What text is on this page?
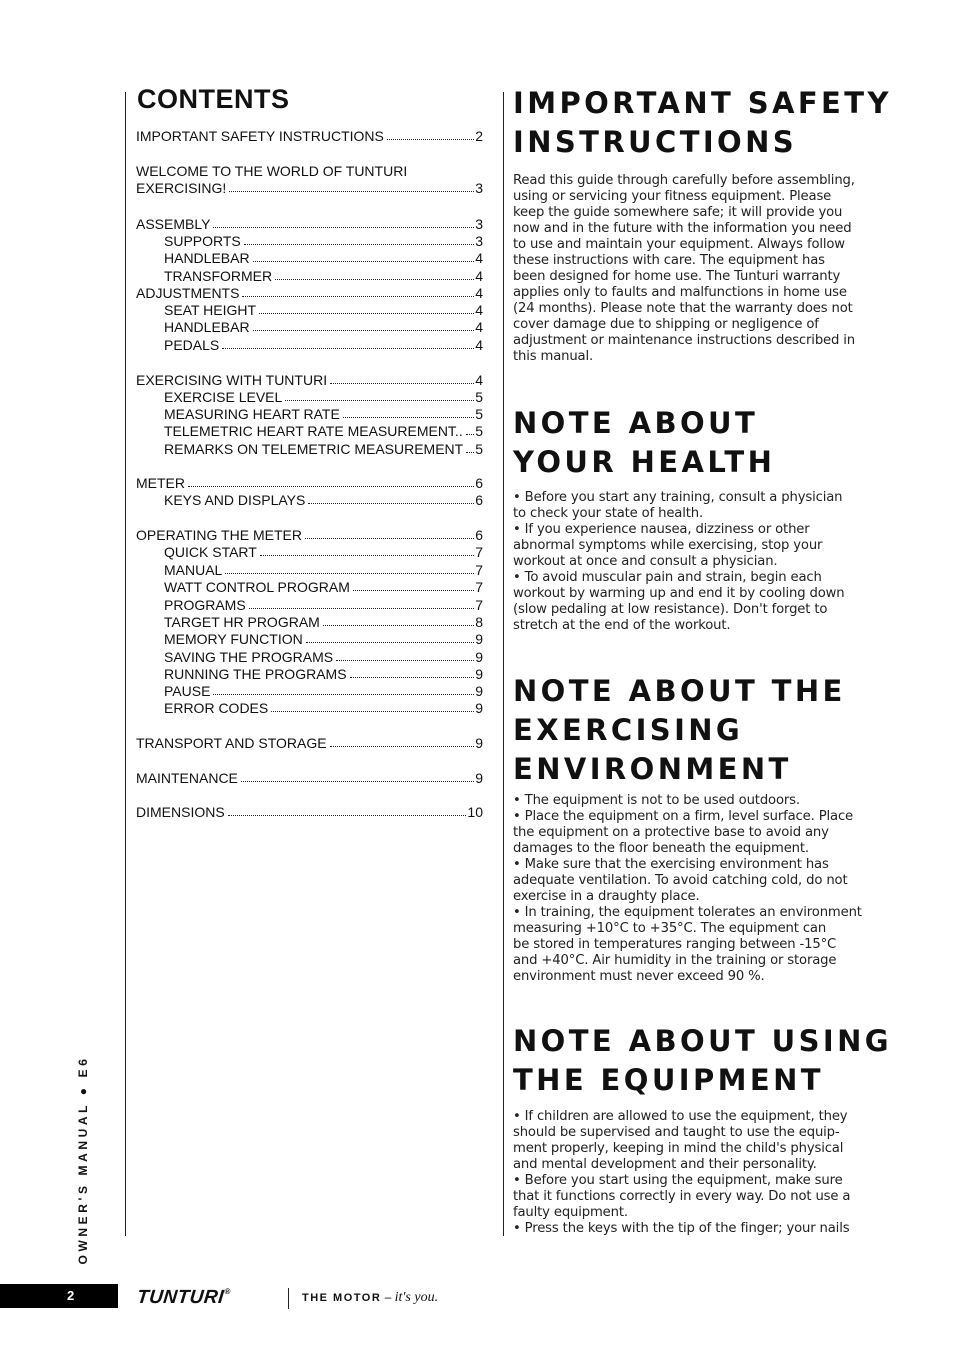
CONTENTS
IMPORTANT SAFETY INSTRUCTIONS	2
WELCOME TO THE WORLD OF TUNTURI
EXERCISING!	3
ASSEMBLY	3
SUPPORTS	3
HANDLEBAR	4
TRANSFORMER	4
ADJUSTMENTS	4
SEAT HEIGHT	4
HANDLEBAR	4
PEDALS	4
EXERCISING WITH TUNTURI	4
EXERCISE LEVEL	5
MEASURING HEART RATE	5
TELEMETRIC HEART RATE MEASUREMENT.. 5
REMARKS ON TELEMETRIC MEASUREMENT 5
METER	6
KEYS AND DISPLAYS	6
OPERATING THE METER	6
QUICK START	7
MANUAL	7
WATT CONTROL PROGRAM	7
PROGRAMS	7
TARGET HR PROGRAM	8
MEMORY FUNCTION	9
SAVING THE PROGRAMS	9
RUNNING THE PROGRAMS	9
PAUSE	9
ERROR CODES	9
TRANSPORT AND STORAGE	9
MAINTENANCE	9
DIMENSIONS	10
IMPORTANT SAFETY
INSTRUCTIONS
Read this guide through carefully before assembling,
using or servicing your fitness equipment. Please
keep the guide somewhere safe; it will provide you
now and in the future with the information you need
to use and maintain your equipment. Always follow
these instructions with care. The equipment has
been designed for home use. The Tunturi warranty
applies only to faults and malfunctions in home use
(24 months). Please note that the warranty does not
cover damage due to shipping or negligence of
adjustment or maintenance instructions described in
this manual.
NOTE ABOUT
YOUR HEALTH
• Before you start any training, consult a physician
to check your state of health.
• If you experience nausea, dizziness or other
abnormal symptoms while exercising, stop your
workout at once and consult a physician.
• To avoid muscular pain and strain, begin each
workout by warming up and end it by cooling down
(slow pedaling at low resistance). Don't forget to
stretch at the end of the workout.
NOTE ABOUT THE
EXERCISING
ENVIRONMENT
• The equipment is not to be used outdoors.
• Place the equipment on a firm, level surface. Place
the equipment on a protective base to avoid any
damages to the floor beneath the equipment.
• Make sure that the exercising environment has
adequate ventilation. To avoid catching cold, do not
exercise in a draughty place.
• In training, the equipment tolerates an environment
measuring +10°C to +35°C. The equipment can
be stored in temperatures ranging between -15°C
and +40°C. Air humidity in the training or storage
environment must never exceed 90 %.
NOTE ABOUT USING
THE EQUIPMENT
• If children are allowed to use the equipment, they
should be supervised and taught to use the equip-
ment properly, keeping in mind the child's physical
and mental development and their personality.
• Before you start using the equipment, make sure
that it functions correctly in every way. Do not use a
faulty equipment.
• Press the keys with the tip of the finger; your nails
OWNER'S MANUAL ● E6
2	TUNTURI®
THE MOTOR – it's you.
